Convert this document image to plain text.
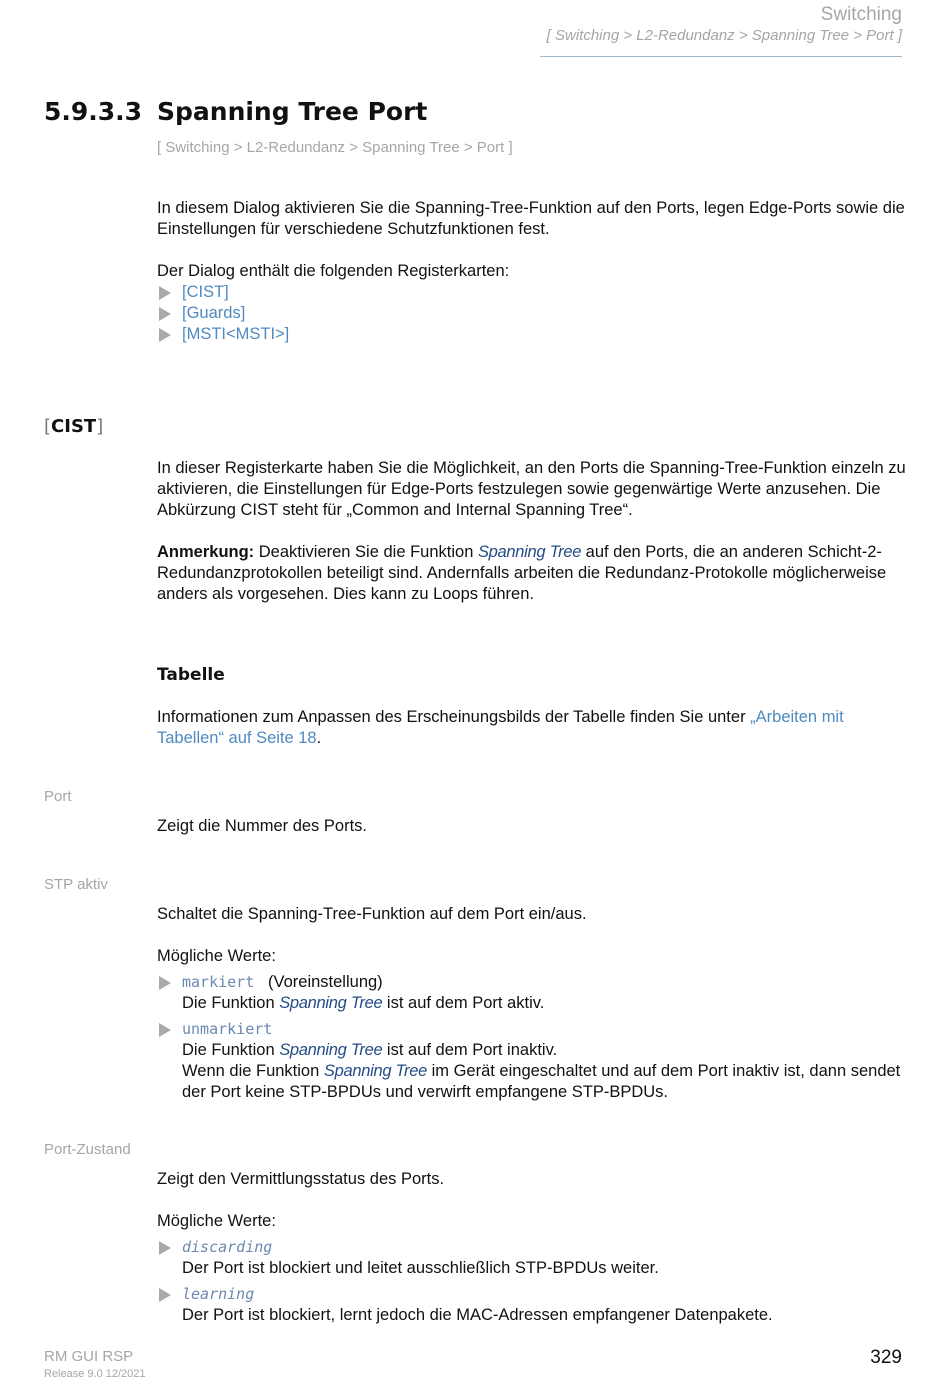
Switching
[ Switching > L2-Redundanz > Spanning Tree > Port ]
5.9.3.3 Spanning Tree Port
[ Switching > L2-Redundanz > Spanning Tree > Port ]

In diesem Dialog aktivieren Sie die Spanning-Tree-Funktion auf den Ports, legen Edge-Ports sowie die Einstellungen für verschiedene Schutzfunktionen fest.

Der Dialog enthält die folgenden Registerkarten:

[CIST]
[Guards]
[MSTI<MSTI>]
[CIST]

In dieser Registerkarte haben Sie die Möglichkeit, an den Ports die Spanning-Tree-Funktion einzeln zu aktivieren, die Einstellungen für Edge-Ports festzulegen sowie gegenwärtige Werte anzusehen. Die Abkürzung CIST steht für „Common and Internal Spanning Tree“.

Anmerkung: Deaktivieren Sie die Funktion Spanning Tree auf den Ports, die an anderen Schicht-2-Redundanzprotokollen beteiligt sind. Andernfalls arbeiten die Redundanz-Protokolle möglicherweise anders als vorgesehen. Dies kann zu Loops führen.

Tabelle

Informationen zum Anpassen des Erscheinungsbilds der Tabelle finden Sie unter „Arbeiten mit Tabellen“ auf Seite 18.

Port
Zeigt die Nummer des Ports.
STP aktiv

Schaltet die Spanning-Tree-Funktion auf dem Port ein/aus.

Mögliche Werte:

markiert (Voreinstellung)
Die Funktion Spanning Tree ist auf dem Port aktiv.
unmarkiert
Die Funktion Spanning Tree ist auf dem Port inaktiv.
Wenn die Funktion Spanning Tree im Gerät eingeschaltet und auf dem Port inaktiv ist, dann sendet der Port keine STP-BPDUs und verwirft empfangene STP-BPDUs.
Port-Zustand

Zeigt den Vermittlungsstatus des Ports.

Mögliche Werte:

discarding
Der Port ist blockiert und leitet ausschließlich STP-BPDUs weiter.
learning
Der Port ist blockiert, lernt jedoch die MAC-Adressen empfangener Datenpakete.
RM GUI RSP
Release 9.0 12/2021
329
